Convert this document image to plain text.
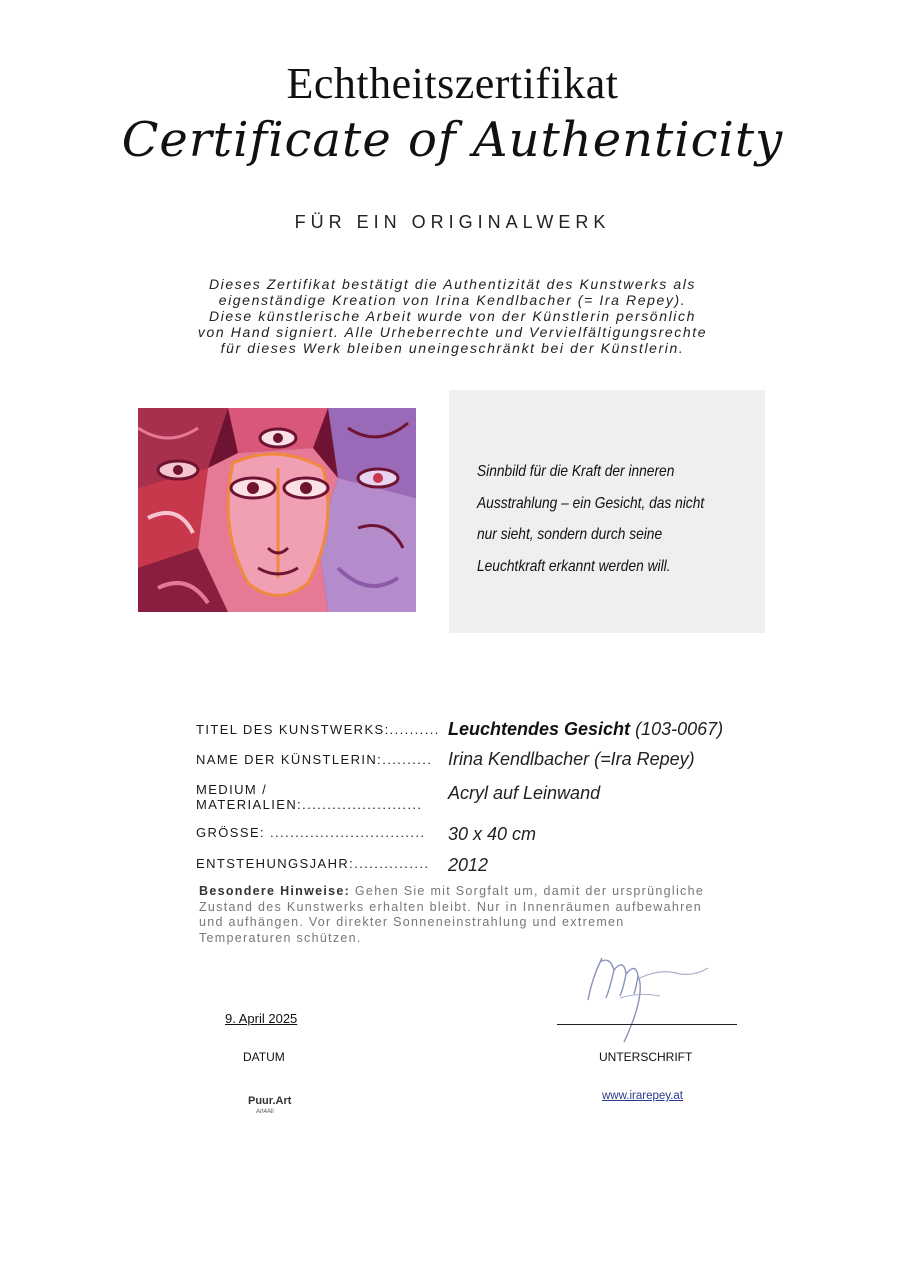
Echtheitszertifikat
Certificate of Authenticity
FÜR EIN ORIGINALWERK
Dieses Zertifikat bestätigt die Authentizität des Kunstwerks als
eigenständige Kreation von Irina Kendlbacher (= Ira Repey).
Diese künstlerische Arbeit wurde von der Künstlerin persönlich
von Hand signiert. Alle Urheberrechte und Vervielfältigungsrechte
für dieses Werk bleiben uneingeschränkt bei der Künstlerin.
Sinnbild für die Kraft der inneren
Ausstrahlung – ein Gesicht, das nicht
nur sieht, sondern durch seine
Leuchtkraft erkannt werden will.
TITEL DES KUNSTWERKS:.......... Leuchtendes Gesicht (103-0067)
NAME DER KÜNSTLERIN:.......... Irina Kendlbacher (=Ira Repey)
MEDIUM /
MATERIALIEN:........................
Acryl auf Leinwand
GRÖSSE: ............................... 30 x 40 cm
ENTSTEHUNGSJAHR:............... 2012
Besondere Hinweise: Gehen Sie mit Sorgfalt um, damit der ursprüngliche
Zustand des Kunstwerks erhalten bleibt. Nur in Innenräumen aufbewahren
und aufhängen. Vor direkter Sonneneinstrahlung und extremen
Temperaturen schützen.
9. April 2025
DATUM	UNTERSCHRIFT
Puur.Art
Art4All
www.irarepey.at
